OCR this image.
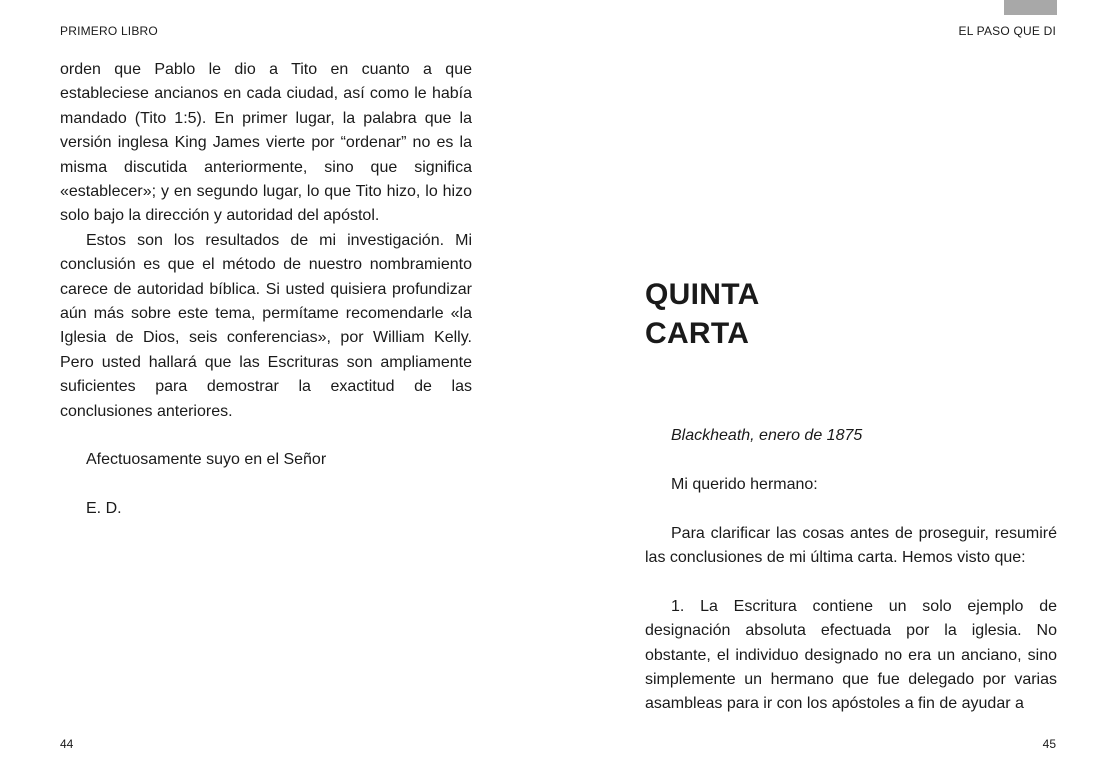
PRIMERO LIBRO	EL PASO QUE DI

orden que Pablo le dio a Tito en cuanto a que estableciese ancianos en cada ciudad, así como le había mandado (Tito 1:5). En primer lugar, la palabra que la versión inglesa King James vierte por “ordenar” no es la misma discutida anteriormente, sino que significa «establecer»; y en segundo lugar, lo que Tito hizo, lo hizo solo bajo la dirección y autoridad del apóstol.

Estos son los resultados de mi investigación. Mi conclusión es que el método de nuestro nombramiento carece de autoridad bíblica. Si usted quisiera profundizar aún más sobre este tema, permítame recomendarle «la Iglesia de Dios, seis conferencias», por William Kelly. Pero usted hallará que las Escrituras son ampliamente suficientes para demostrar la exactitud de las conclusiones anteriores.

Afectuosamente suyo en el Señor

E. D.

QUINTA
CARTA

Blackheath, enero de 1875

Mi querido hermano:

Para clarificar las cosas antes de proseguir, resumiré las conclusiones de mi última carta. Hemos visto que:

1. La Escritura contiene un solo ejemplo de designación absoluta efectuada por la iglesia. No obstante, el individuo designado no era un anciano, sino simplemente un hermano que fue delegado por varias asambleas para ir con los apóstoles a fin de ayudar a

44	45
